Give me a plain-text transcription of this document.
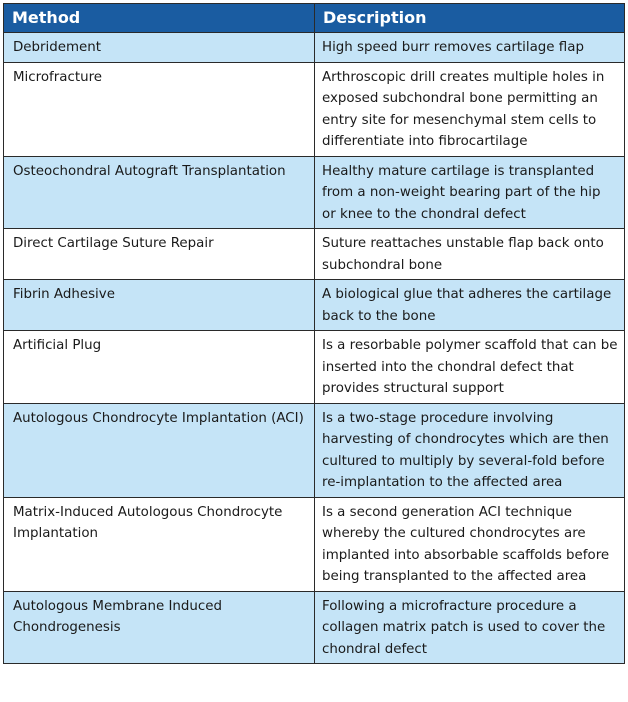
Method	Description
Debridement	High speed burr removes cartilage flap
Microfracture	Arthroscopic drill creates multiple holes in exposed subchondral bone permitting an entry site for mesenchymal stem cells to differentiate into fibrocartilage
Osteochondral Autograft Transplantation	Healthy mature cartilage is transplanted from a non-weight bearing part of the hip or knee to the chondral defect
Direct Cartilage Suture Repair	Suture reattaches unstable flap back onto subchondral bone
Fibrin Adhesive	A biological glue that adheres the cartilage back to the bone
Artificial Plug	Is a resorbable polymer scaffold that can be inserted into the chondral defect that provides structural support
Autologous Chondrocyte Implantation (ACI)	Is a two-stage procedure involving harvesting of chondrocytes which are then cultured to multiply by several-fold before re-implantation to the affected area
Matrix-Induced Autologous Chondrocyte Implantation	Is a second generation ACI technique whereby the cultured chondrocytes are implanted into absorbable scaffolds before being transplanted to the affected area
Autologous Membrane Induced Chondrogenesis	Following a microfracture procedure a collagen matrix patch is used to cover the chondral defect
